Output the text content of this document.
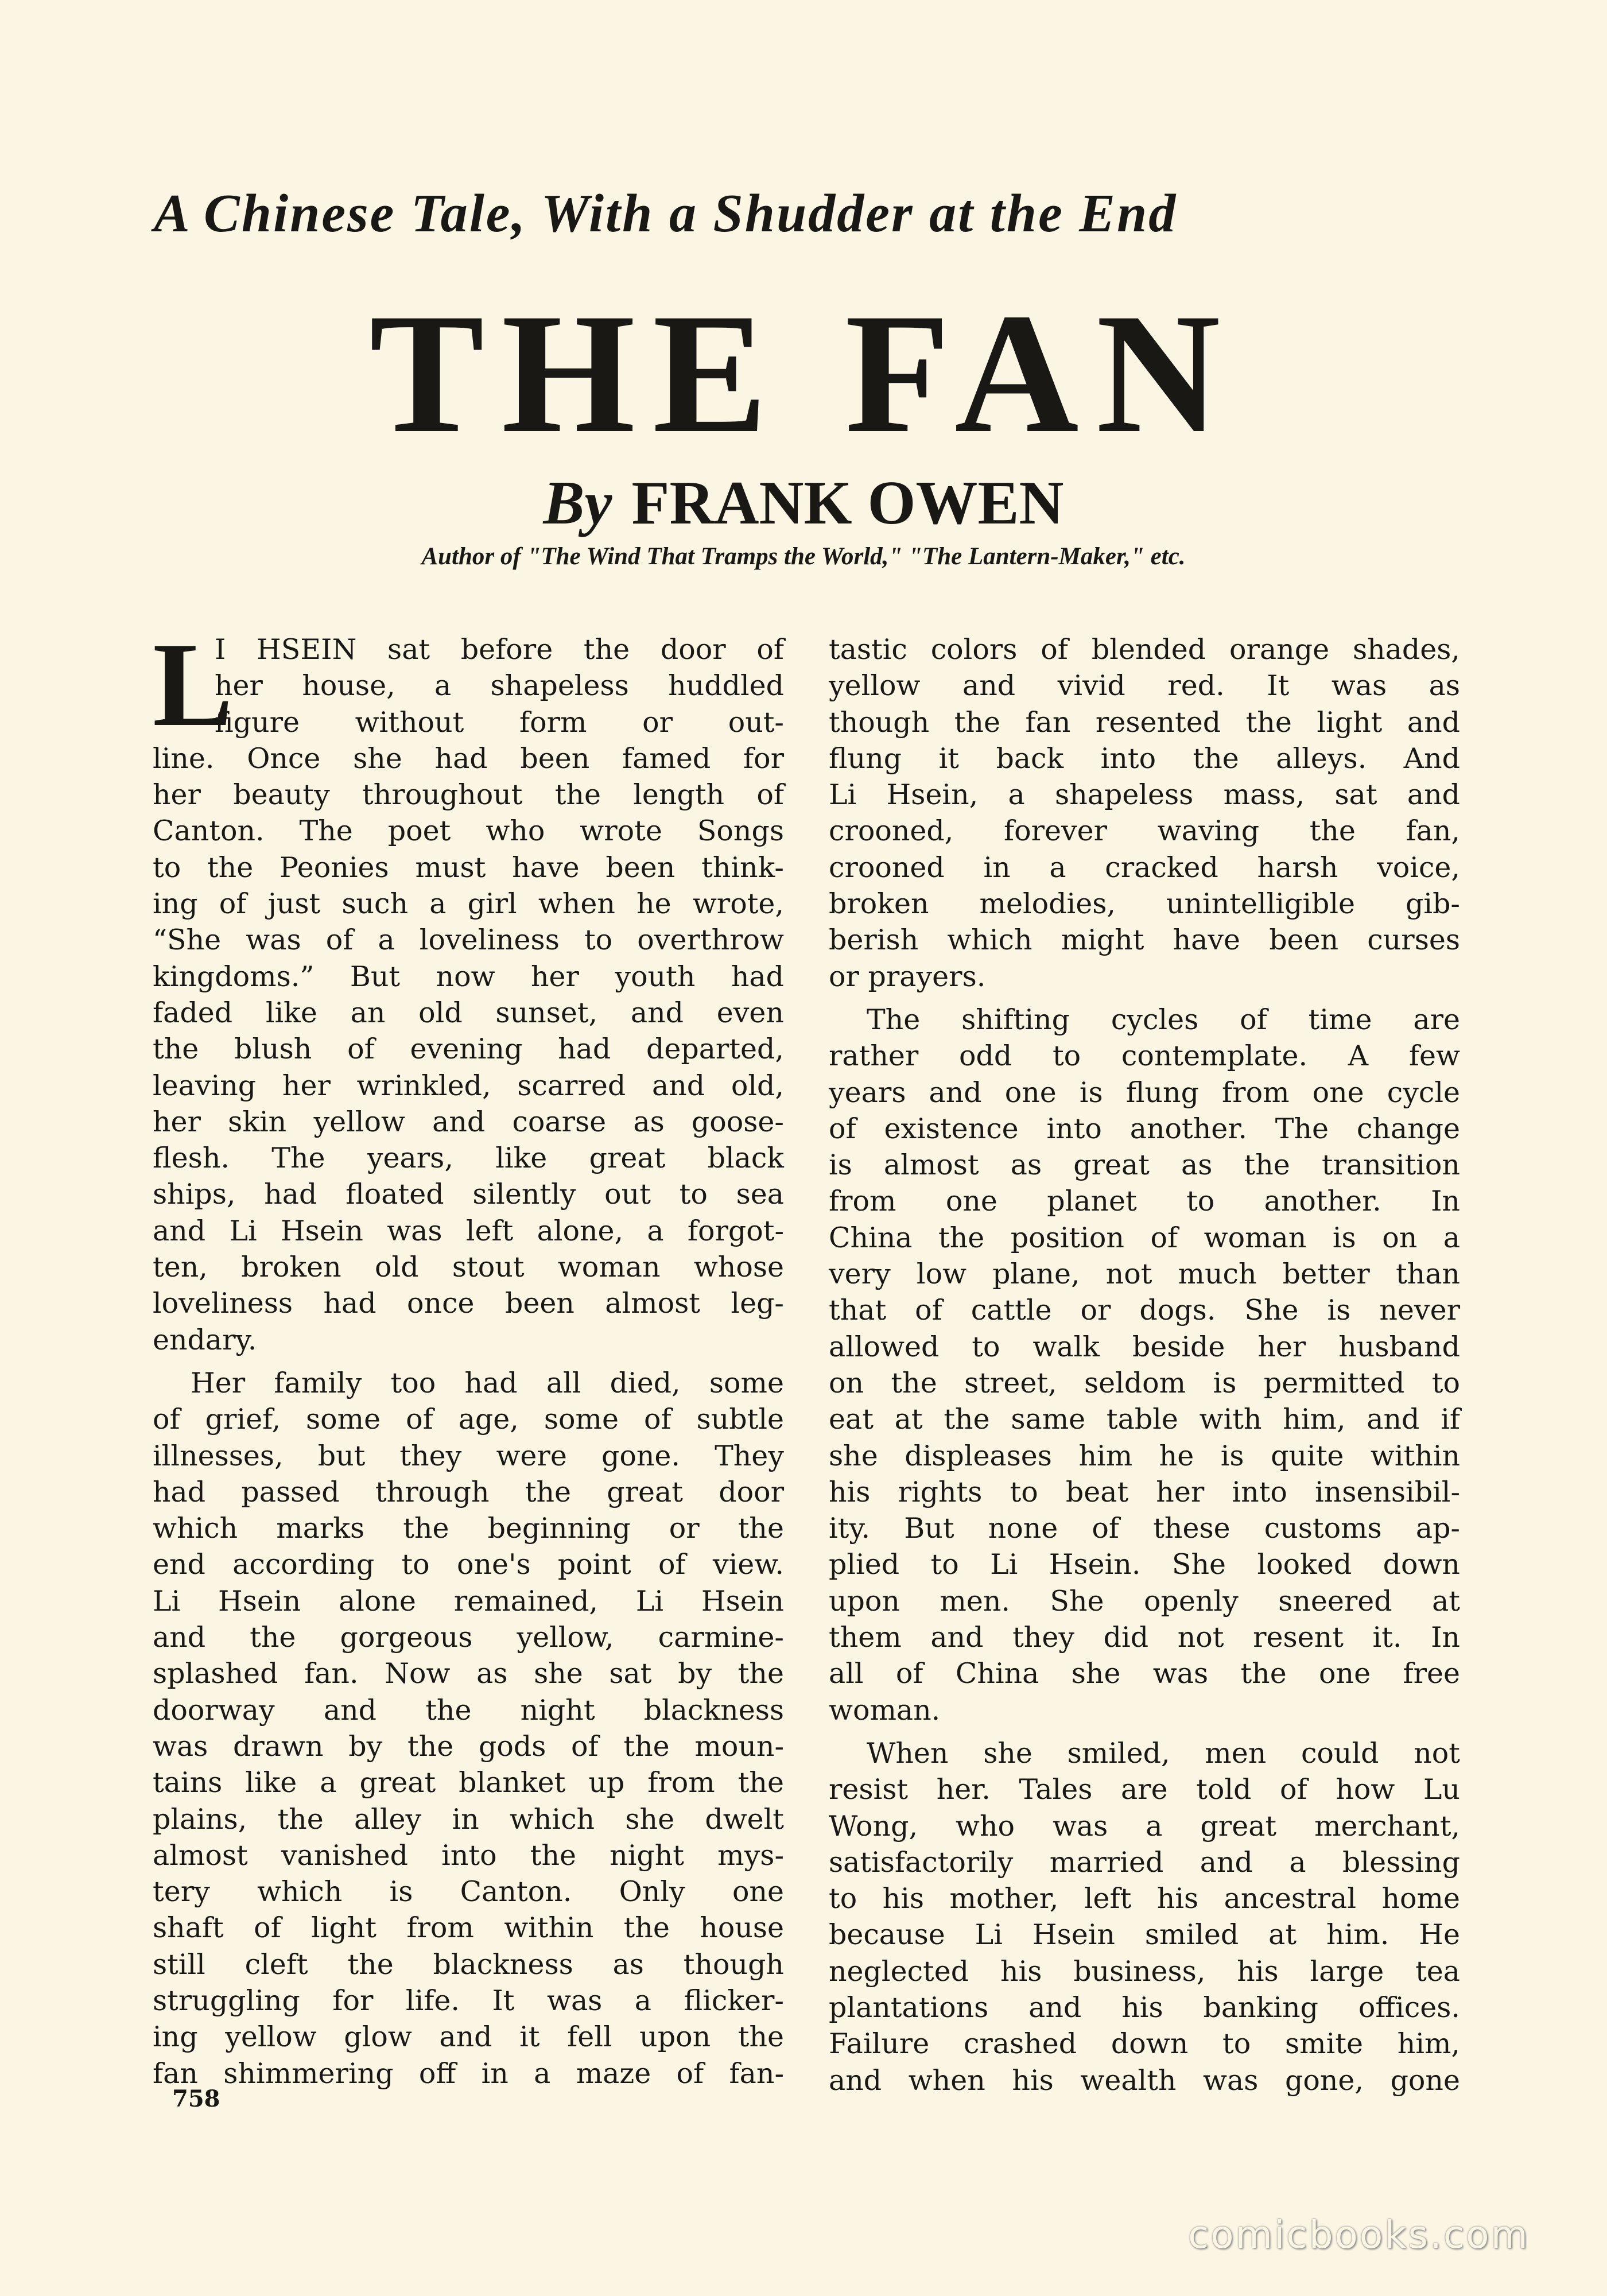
A Chinese Tale, With a Shudder at the End
THE FAN
By FRANK OWEN
Author of "The Wind That Tramps the World," "The Lantern-Maker," etc.
L
I HSEIN sat before the door of
her house, a shapeless huddled
figure without form or out-
line. Once she had been famed for
her beauty throughout the length of
Canton. The poet who wrote Songs
to the Peonies must have been think-
ing of just such a girl when he wrote,
“She was of a loveliness to overthrow
kingdoms.” But now her youth had
faded like an old sunset, and even
the blush of evening had departed,
leaving her wrinkled, scarred and old,
her skin yellow and coarse as goose-
flesh. The years, like great black
ships, had floated silently out to sea
and Li Hsein was left alone, a forgot-
ten, broken old stout woman whose
loveliness had once been almost leg-
endary.
Her family too had all died, some
of grief, some of age, some of subtle
illnesses, but they were gone. They
had passed through the great door
which marks the beginning or the
end according to one's point of view.
Li Hsein alone remained, Li Hsein
and the gorgeous yellow, carmine-
splashed fan. Now as she sat by the
doorway and the night blackness
was drawn by the gods of the moun-
tains like a great blanket up from the
plains, the alley in which she dwelt
almost vanished into the night mys-
tery which is Canton. Only one
shaft of light from within the house
still cleft the blackness as though
struggling for life. It was a flicker-
ing yellow glow and it fell upon the
fan shimmering off in a maze of fan-
tastic colors of blended orange shades,
yellow and vivid red. It was as
though the fan resented the light and
flung it back into the alleys. And
Li Hsein, a shapeless mass, sat and
crooned, forever waving the fan,
crooned in a cracked harsh voice,
broken melodies, unintelligible gib-
berish which might have been curses
or prayers.
The shifting cycles of time are
rather odd to contemplate. A few
years and one is flung from one cycle
of existence into another. The change
is almost as great as the transition
from one planet to another. In
China the position of woman is on a
very low plane, not much better than
that of cattle or dogs. She is never
allowed to walk beside her husband
on the street, seldom is permitted to
eat at the same table with him, and if
she displeases him he is quite within
his rights to beat her into insensibil-
ity. But none of these customs ap-
plied to Li Hsein. She looked down
upon men. She openly sneered at
them and they did not resent it. In
all of China she was the one free
woman.
When she smiled, men could not
resist her. Tales are told of how Lu
Wong, who was a great merchant,
satisfactorily married and a blessing
to his mother, left his ancestral home
because Li Hsein smiled at him. He
neglected his business, his large tea
plantations and his banking offices.
Failure crashed down to smite him,
and when his wealth was gone, gone
758
comicbooks.com
